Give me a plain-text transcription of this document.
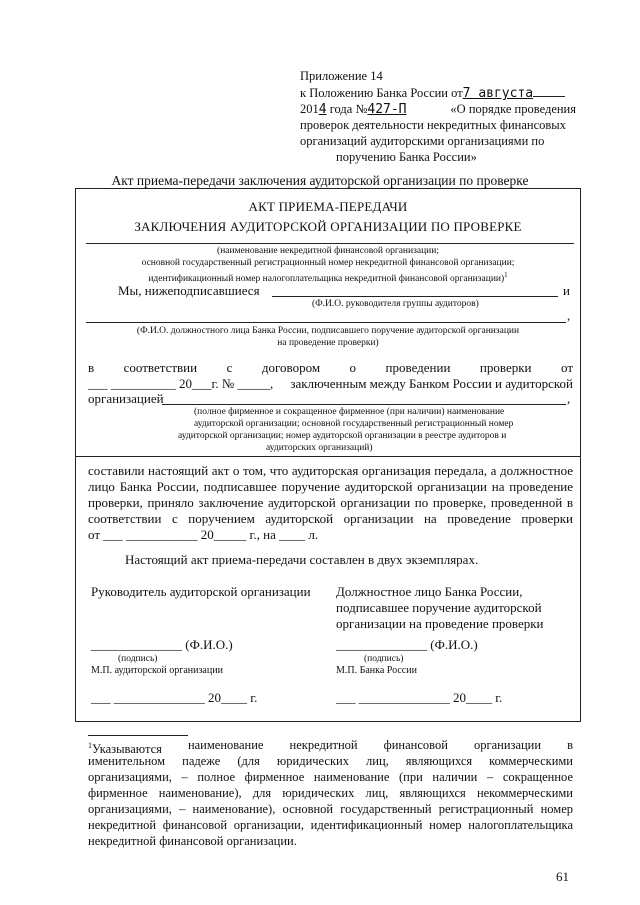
Приложение 14
к Положению Банка России от7 августа
2014 года №427-П	«О порядке проведения
проверок деятельности некредитных финансовых
организаций аудиторскими организациями по
поручению Банка России»
Акт приема-передачи заключения аудиторской организации по проверке
АКТ ПРИЕМА-ПЕРЕДАЧИ
ЗАКЛЮЧЕНИЯ АУДИТОРСКОЙ ОРГАНИЗАЦИИ ПО ПРОВЕРКЕ
(наименование некредитной финансовой организации;
основной государственный регистрационный номер некредитной финансовой организации;
идентификационный номер налогоплательщика некредитной финансовой организации)$^1$
Мы, нижеподписавшиеся	и
(Ф.И.О. руководителя группы аудиторов)
,
(Ф.И.О. должностного лица Банка России, подписавшего поручение аудиторской организации
на проведение проверки)
в соответствии с договором о проведении проверки от
___ __________ 20___г. № _____, заключенным между Банком России и аудиторской
организацией	,
(полное фирменное и сокращенное фирменное (при наличии) наименование
аудиторской организации; основной государственный регистрационный номер
аудиторской организации; номер аудиторской организации в реестре аудиторов и
аудиторских организаций)
составили настоящий акт о том, что аудиторская организация передала, а должностное
лицо Банка России, подписавшее поручение аудиторской организации на проведение
проверки, приняло заключение аудиторской организации по проверке, проведенной в
соответствии с поручением аудиторской организации на проведение проверки
от ___ ___________ 20_____ г., на ____ л.
Настоящий акт приема-передачи составлен в двух экземплярах.
Руководитель аудиторской организации Должностное лицо Банка России,
подписавшее поручение аудиторской
организации на проведение проверки
______________ (Ф.И.О.)	______________ (Ф.И.О.)
(подпись)	(подпись)
М.П. аудиторской организации	М.П. Банка России
___ ______________ 20____ г.	___ ______________ 20____ г.
$^1$Указываются наименование некредитной финансовой организации в
именительном падеже (для юридических лиц, являющихся коммерческими
организациями, – полное фирменное наименование (при наличии – сокращенное
фирменное наименование), для юридических лиц, являющихся некоммерческими
организациями, – наименование), основной государственный регистрационный номер
некредитной финансовой организации, идентификационный номер налогоплательщика
некредитной финансовой организации.
61
